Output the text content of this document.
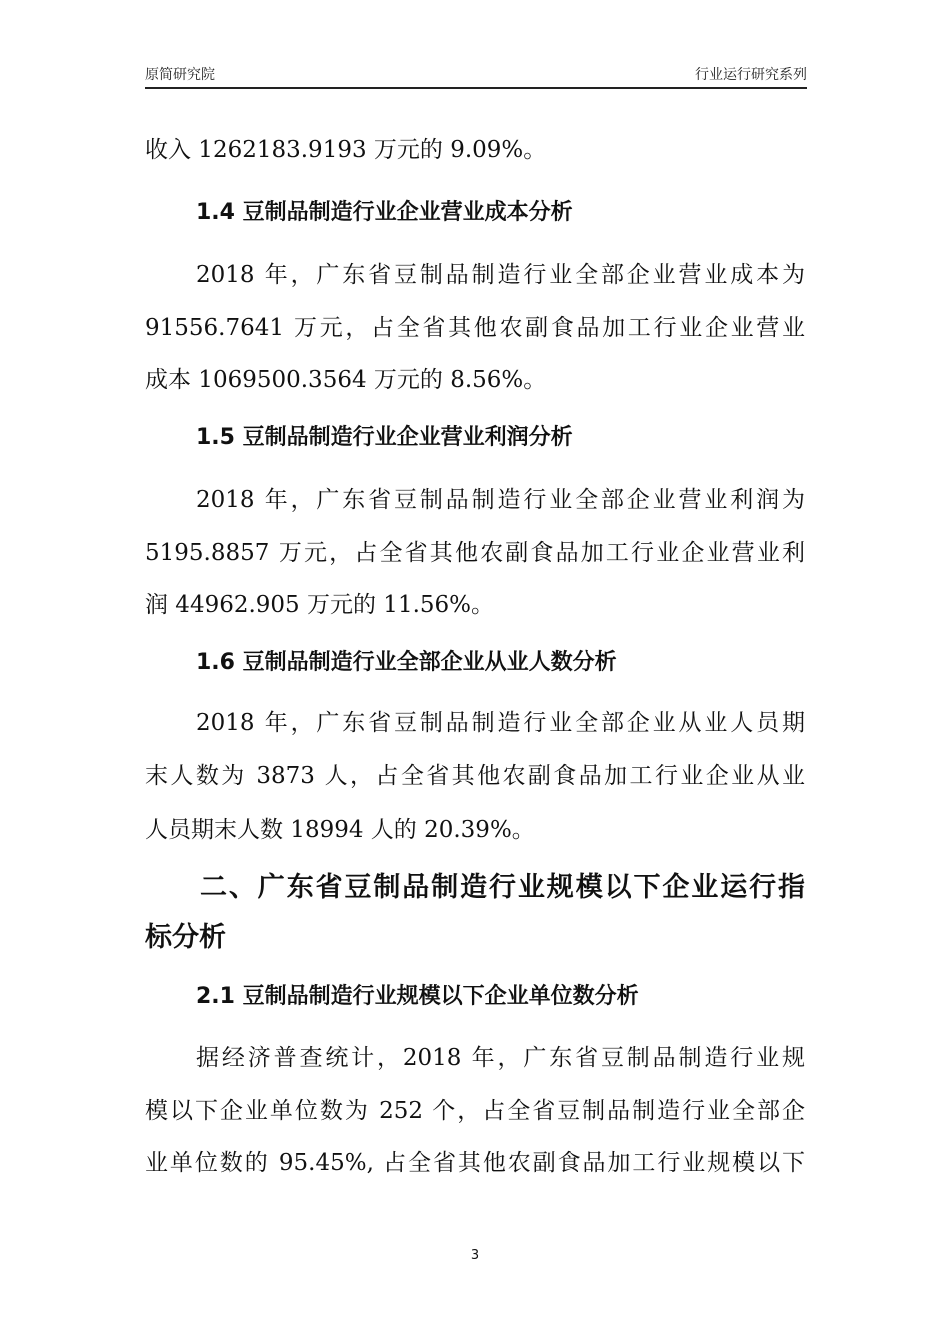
原简研究院	行业运行研究系列
收入 1262183.9193 万元的 9.09%。
1.4 豆制品制造行业企业营业成本分析
2018 年，广东省豆制品制造行业全部企业营业成本为
91556.7641 万元，占全省其他农副食品加工行业企业营业
成本 1069500.3564 万元的 8.56%。
1.5 豆制品制造行业企业营业利润分析
2018 年，广东省豆制品制造行业全部企业营业利润为
5195.8857 万元，占全省其他农副食品加工行业企业营业利
润 44962.905 万元的 11.56%。
1.6 豆制品制造行业全部企业从业人数分析
2018 年，广东省豆制品制造行业全部企业从业人员期
末人数为 3873 人，占全省其他农副食品加工行业企业从业
人员期末人数 18994 人的 20.39%。
二、广东省豆制品制造行业规模以下企业运行指
标分析
2.1 豆制品制造行业规模以下企业单位数分析
据经济普查统计，2018 年，广东省豆制品制造行业规
模以下企业单位数为 252 个，占全省豆制品制造行业全部企
业单位数的 95.45%, 占全省其他农副食品加工行业规模以下
3
